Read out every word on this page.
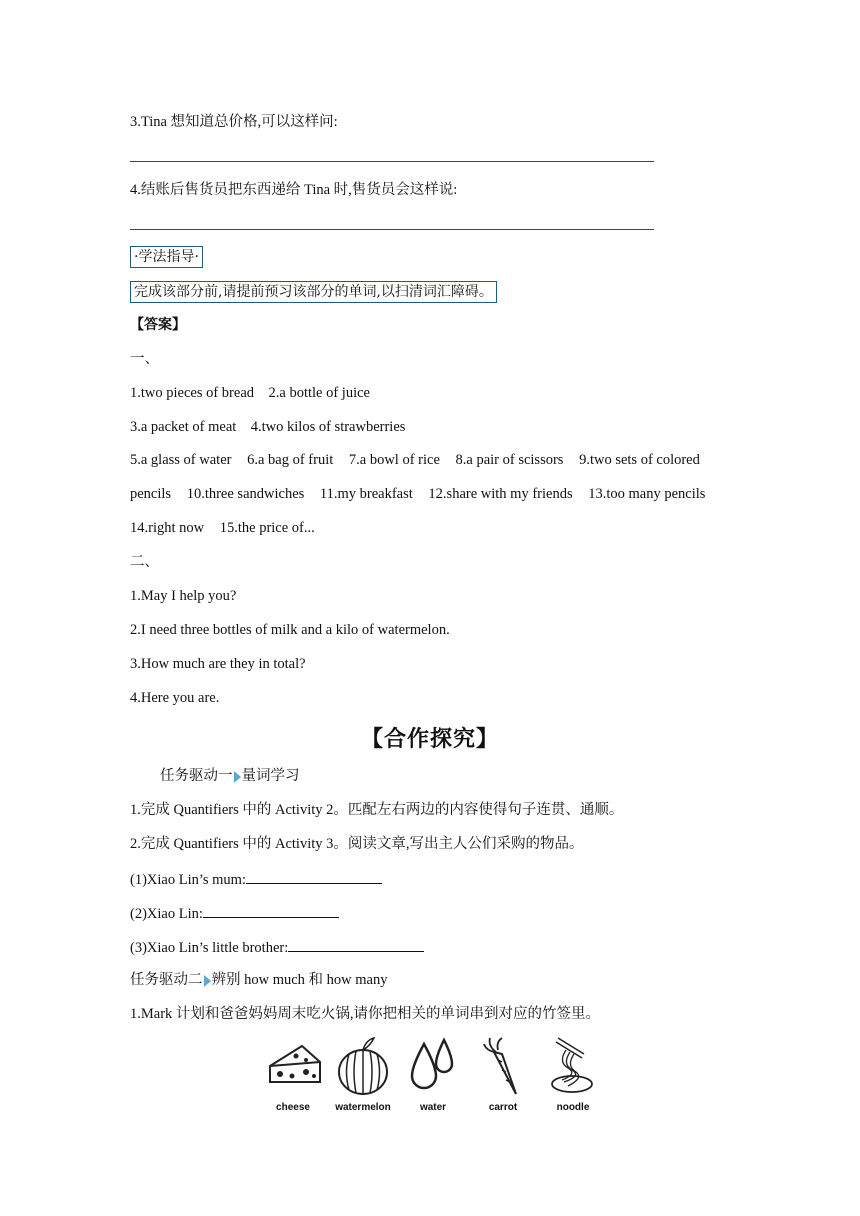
3.Tina 想知道总价格,可以这样问:
4.结账后售货员把东西递给 Tina 时,售货员会这样说:
·学法指导·
完成该部分前,请提前预习该部分的单词,以扫清词汇障碍。
【答案】
一、
1.two pieces of bread 2.a bottle of juice
3.a packet of meat 4.two kilos of strawberries
5.a glass of water 6.a bag of fruit 7.a bowl of rice 8.a pair of scissors 9.two sets of colored pencils 10.three sandwiches 11.my breakfast 12.share with my friends 13.too many pencils 14.right now 15.the price of...
二、
1.May I help you?
2.I need three bottles of milk and a kilo of watermelon.
3.How much are they in total?
4.Here you are.
【合作探究】
任务驱动一 量词学习
1.完成 Quantifiers 中的 Activity 2。匹配左右两边的内容使得句子连贯、通顺。
2.完成 Quantifiers 中的 Activity 3。阅读文章,写出主人公们采购的物品。
(1)Xiao Lin’s mum:
(2)Xiao Lin:
(3)Xiao Lin’s little brother:
任务驱动二 辨别 how much 和 how many
1.Mark 计划和爸爸妈妈周末吃火锅,请你把相关的单词串到对应的竹签里。
cheese	watermelon	water	carrot	noodle
